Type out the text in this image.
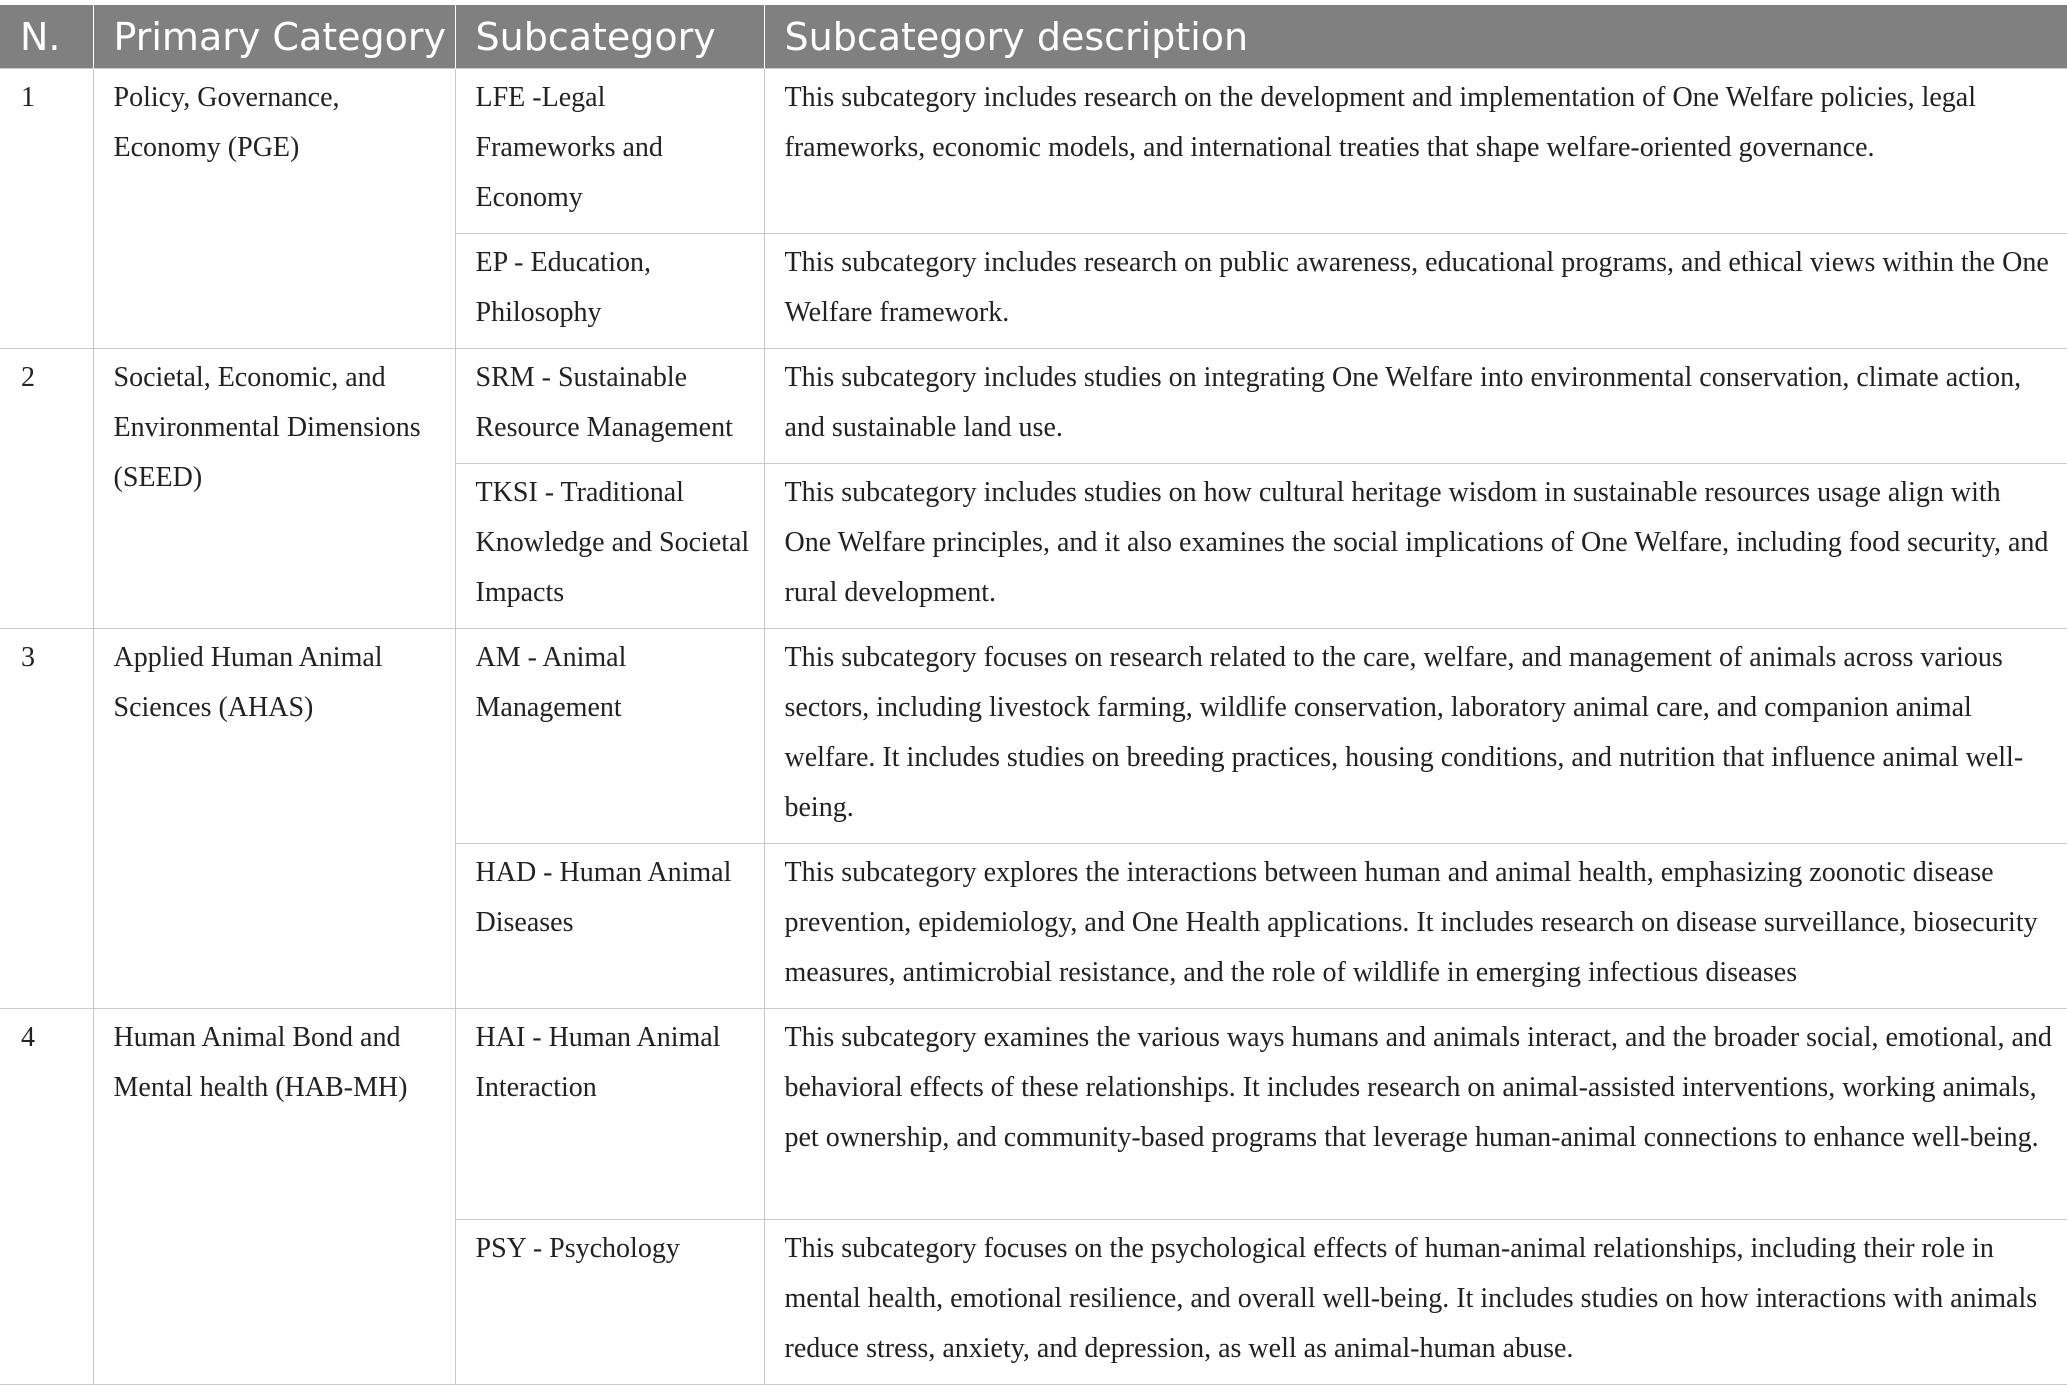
N.	Primary Category	Subcategory	Subcategory description
1	Policy, Governance, Economy (PGE)	LFE -Legal Frameworks and Economy	This subcategory includes research on the development and implementation of One Welfare policies, legal frameworks, economic models, and international treaties that shape welfare-oriented governance.
		EP - Education, Philosophy	This subcategory includes research on public awareness, educational programs, and ethical views within the One Welfare framework.
2	Societal, Economic, and Environmental Dimensions (SEED)	SRM - Sustainable Resource Management	This subcategory includes studies on integrating One Welfare into environmental conservation, climate action, and sustainable land use.
		TKSI - Traditional Knowledge and Societal Impacts	This subcategory includes studies on how cultural heritage wisdom in sustainable resources usage align with One Welfare principles, and it also examines the social implications of One Welfare, including food security, and rural development.
3	Applied Human Animal Sciences (AHAS)	AM - Animal Management	This subcategory focuses on research related to the care, welfare, and management of animals across various sectors, including livestock farming, wildlife conservation, laboratory animal care, and companion animal welfare. It includes studies on breeding practices, housing conditions, and nutrition that influence animal well-being.
		HAD - Human Animal Diseases	This subcategory explores the interactions between human and animal health, emphasizing zoonotic disease prevention, epidemiology, and One Health applications. It includes research on disease surveillance, biosecurity measures, antimicrobial resistance, and the role of wildlife in emerging infectious diseases
4	Human Animal Bond and Mental health (HAB-MH)	HAI - Human Animal Interaction	This subcategory examines the various ways humans and animals interact, and the broader social, emotional, and behavioral effects of these relationships. It includes research on animal-assisted interventions, working animals, pet ownership, and community-based programs that leverage human-animal connections to enhance well-being.
		PSY - Psychology	This subcategory focuses on the psychological effects of human-animal relationships, including their role in mental health, emotional resilience, and overall well-being. It includes studies on how interactions with animals reduce stress, anxiety, and depression, as well as animal-human abuse.
